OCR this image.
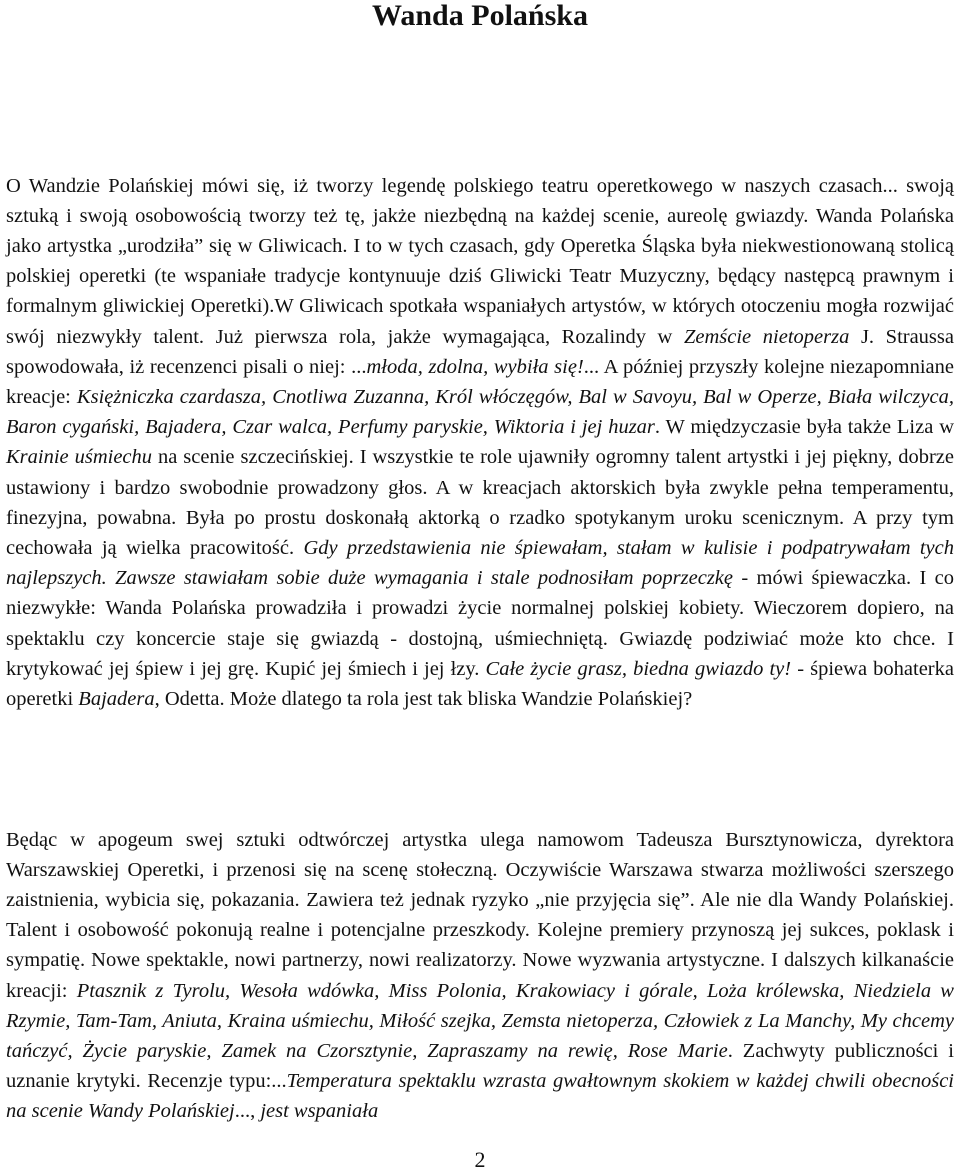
Wanda Polańska

O Wandzie Polańskiej mówi się, iż tworzy legendę polskiego teatru operetkowego w naszych czasach... swoją sztuką i swoją osobowością tworzy też tę, jakże niezbędną na każdej scenie, aureolę gwiazdy. Wanda Polańska jako artystka „urodziła” się w Gliwicach. I to w tych czasach, gdy Operetka Śląska była niekwestionowaną stolicą polskiej operetki (te wspaniałe tradycje kontynuuje dziś Gliwicki Teatr Muzyczny, będący następcą prawnym i formalnym gliwickiej Operetki).W Gliwicach spotkała wspaniałych artystów, w których otoczeniu mogła rozwijać swój niezwykły talent. Już pierwsza rola, jakże wymagająca, Rozalindy w Zemście nietoperza J. Straussa spowodowała, iż recenzenci pisali o niej: ...młoda, zdolna, wybiła się!... A później przyszły kolejne niezapomniane kreacje: Księżniczka czardasza, Cnotliwa Zuzanna, Król włóczęgów, Bal w Savoyu, Bal w Operze, Biała wilczyca, Baron cygański, Bajadera, Czar walca, Perfumy paryskie, Wiktoria i jej huzar. W międzyczasie była także Liza w Krainie uśmiechu na scenie szczecińskiej. I wszystkie te role ujawniły ogromny talent artystki i jej piękny, dobrze ustawiony i bardzo swobodnie prowadzony głos. A w kreacjach aktorskich była zwykle pełna temperamentu, finezyjna, powabna. Była po prostu doskonałą aktorką o rzadko spotykanym uroku scenicznym. A przy tym cechowała ją wielka pracowitość. Gdy przedstawienia nie śpiewałam, stałam w kulisie i podpatrywałam tych najlepszych. Zawsze stawiałam sobie duże wymagania i stale podnosiłam poprzeczkę - mówi śpiewaczka. I co niezwykłe: Wanda Polańska prowadziła i prowadzi życie normalnej polskiej kobiety. Wieczorem dopiero, na spektaklu czy koncercie staje się gwiazdą - dostojną, uśmiechniętą. Gwiazdę podziwiać może kto chce. I krytykować jej śpiew i jej grę. Kupić jej śmiech i jej łzy. Całe życie grasz, biedna gwiazdo ty! - śpiewa bohaterka operetki Bajadera, Odetta. Może dlatego ta rola jest tak bliska Wandzie Polańskiej?

Będąc w apogeum swej sztuki odtwórczej artystka ulega namowom Tadeusza Bursztynowicza, dyrektora Warszawskiej Operetki, i przenosi się na scenę stołeczną. Oczywiście Warszawa stwarza możliwości szerszego zaistnienia, wybicia się, pokazania. Zawiera też jednak ryzyko „nie przyjęcia się”. Ale nie dla Wandy Polańskiej. Talent i osobowość pokonują realne i potencjalne przeszkody. Kolejne premiery przynoszą jej sukces, poklask i sympatię. Nowe spektakle, nowi partnerzy, nowi realizatorzy. Nowe wyzwania artystyczne. I dalszych kilkanaście kreacji: Ptasznik z Tyrolu, Wesoła wdówka, Miss Polonia, Krakowiacy i górale, Loża królewska, Niedziela w Rzymie, Tam-Tam, Aniuta, Kraina uśmiechu, Miłość szejka, Zemsta nietoperza, Człowiek z La Manchy, My chcemy tańczyć, Życie paryskie, Zamek na Czorsztynie, Zapraszamy na rewię, Rose Marie. Zachwyty publiczności i uznanie krytyki. Recenzje typu:...Temperatura spektaklu wzrasta gwałtownym skokiem w każdej chwili obecności na scenie Wandy Polańskiej..., jest wspaniała

2
